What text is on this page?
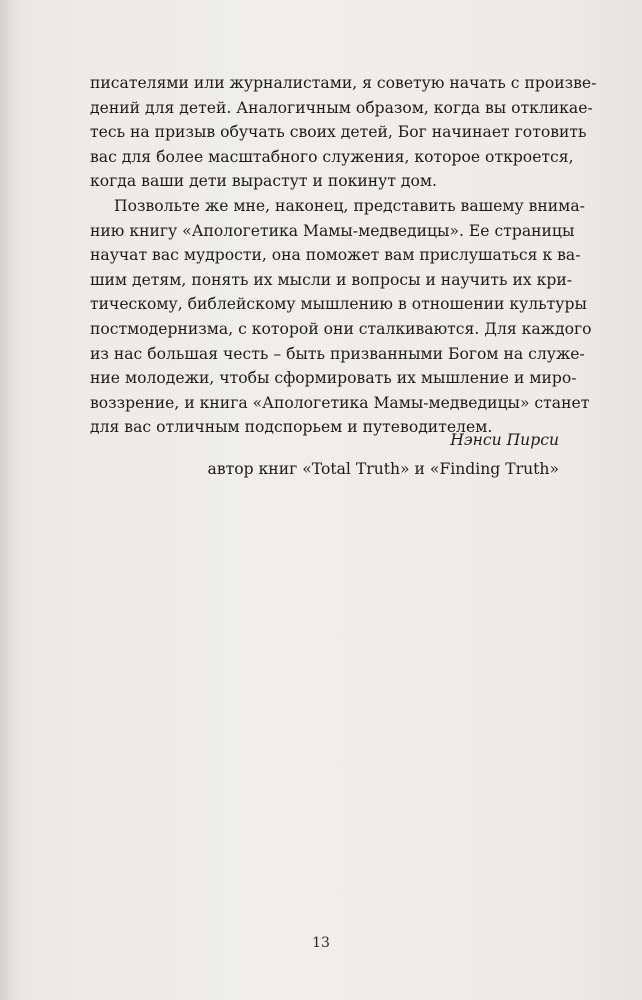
писателями или журналистами, я советую начать с произве-
дений для детей. Аналогичным образом, когда вы откликае-
тесь на призыв обучать своих детей, Бог начинает готовить
вас для более масштабного служения, которое откроется,
когда ваши дети вырастут и покинут дом.

Позвольте же мне, наконец, представить вашему внима-
нию книгу «Апологетика Мамы-медведицы». Ее страницы
научат вас мудрости, она поможет вам прислушаться к ва-
шим детям, понять их мысли и вопросы и научить их кри-
тическому, библейскому мышлению в отношении культуры
постмодернизма, с которой они сталкиваются. Для каждого
из нас большая честь – быть призванными Богом на служе-
ние молодежи, чтобы сформировать их мышление и миро-
воззрение, и книга «Апологетика Мамы-медведицы» станет
для вас отличным подспорьем и путеводителем.

Нэнси Пирси
автор книг «Total Truth» и «Finding Truth»
13
